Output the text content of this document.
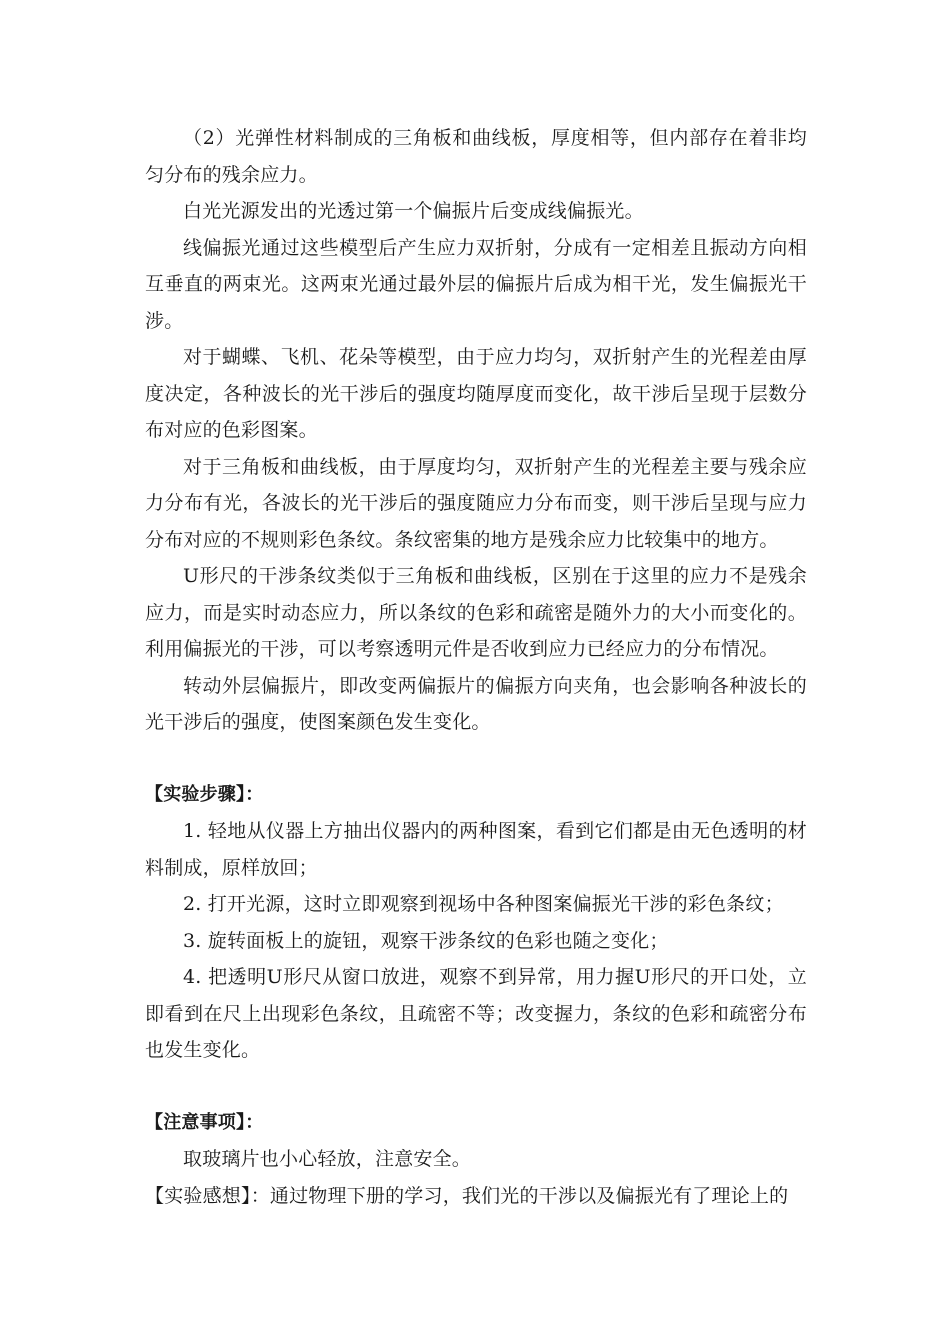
（2）光弹性材料制成的三角板和曲线板，厚度相等，但内部存在着非均匀分布的残余应力。

白光光源发出的光透过第一个偏振片后变成线偏振光。

线偏振光通过这些模型后产生应力双折射，分成有一定相差且振动方向相互垂直的两束光。这两束光通过最外层的偏振片后成为相干光，发生偏振光干涉。

对于蝴蝶、飞机、花朵等模型，由于应力均匀，双折射产生的光程差由厚度决定，各种波长的光干涉后的强度均随厚度而变化，故干涉后呈现于层数分布对应的色彩图案。

对于三角板和曲线板，由于厚度均匀，双折射产生的光程差主要与残余应力分布有光，各波长的光干涉后的强度随应力分布而变，则干涉后呈现与应力分布对应的不规则彩色条纹。条纹密集的地方是残余应力比较集中的地方。

U形尺的干涉条纹类似于三角板和曲线板，区别在于这里的应力不是残余应力，而是实时动态应力，所以条纹的色彩和疏密是随外力的大小而变化的。利用偏振光的干涉，可以考察透明元件是否收到应力已经应力的分布情况。

转动外层偏振片，即改变两偏振片的偏振方向夹角，也会影响各种波长的光干涉后的强度，使图案颜色发生变化。

【实验步骤】：

1. 轻地从仪器上方抽出仪器内的两种图案，看到它们都是由无色透明的材料制成，原样放回；

2. 打开光源，这时立即观察到视场中各种图案偏振光干涉的彩色条纹；

3. 旋转面板上的旋钮，观察干涉条纹的色彩也随之变化；

4. 把透明U形尺从窗口放进，观察不到异常，用力握U形尺的开口处，立即看到在尺上出现彩色条纹，且疏密不等；改变握力，条纹的色彩和疏密分布也发生变化。

【注意事项】：

取玻璃片也小心轻放，注意安全。

【实验感想】：通过物理下册的学习，我们光的干涉以及偏振光有了理论上的
